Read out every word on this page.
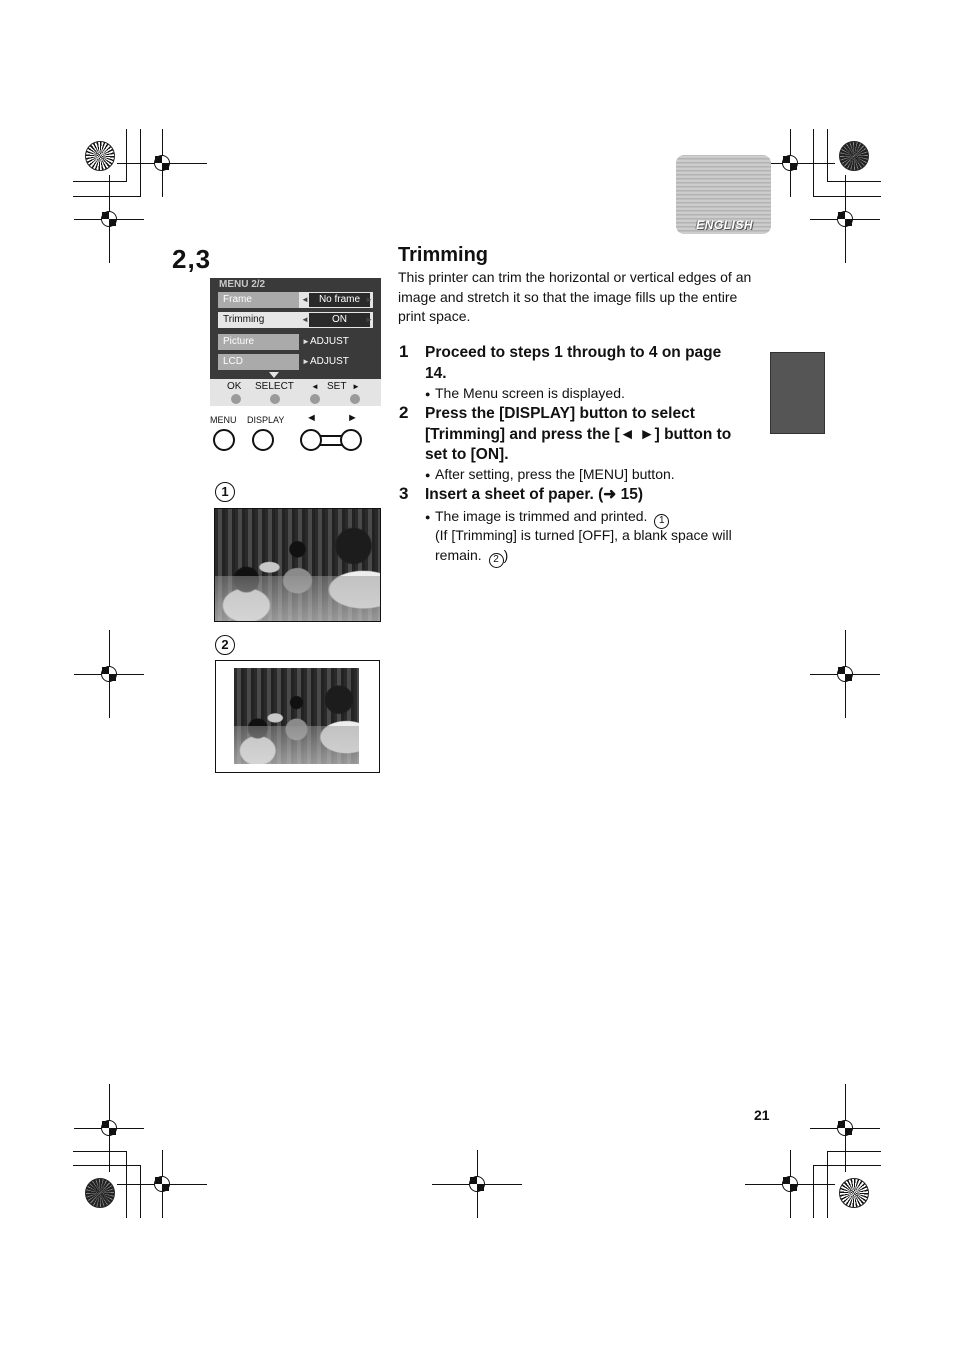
ENGLISH
2,3
MENU 2/2
Frame	◄	No frame ►
Trimming	◄	ON	►
Picture	► ADJUST
LCD	► ADJUST
OK SELECT ◄ SET ►
MENU DISPLAY ◄	►
1
2
Trimming
This printer can trim the horizontal or vertical edges of an image and stretch it so that the image fills up the entire print space.
1 Proceed to steps 1 through to 4 on page 14.
● The Menu screen is displayed.
2 Press the [DISPLAY] button to select [Trimming] and press the [◄ ►] button to set to [ON].
● After setting, press the [MENU] button.
3 Insert a sheet of paper. (➜ 15)
● The image is trimmed and printed. 1
(If [Trimming] is turned [OFF], a blank space will remain. 2 )
21
